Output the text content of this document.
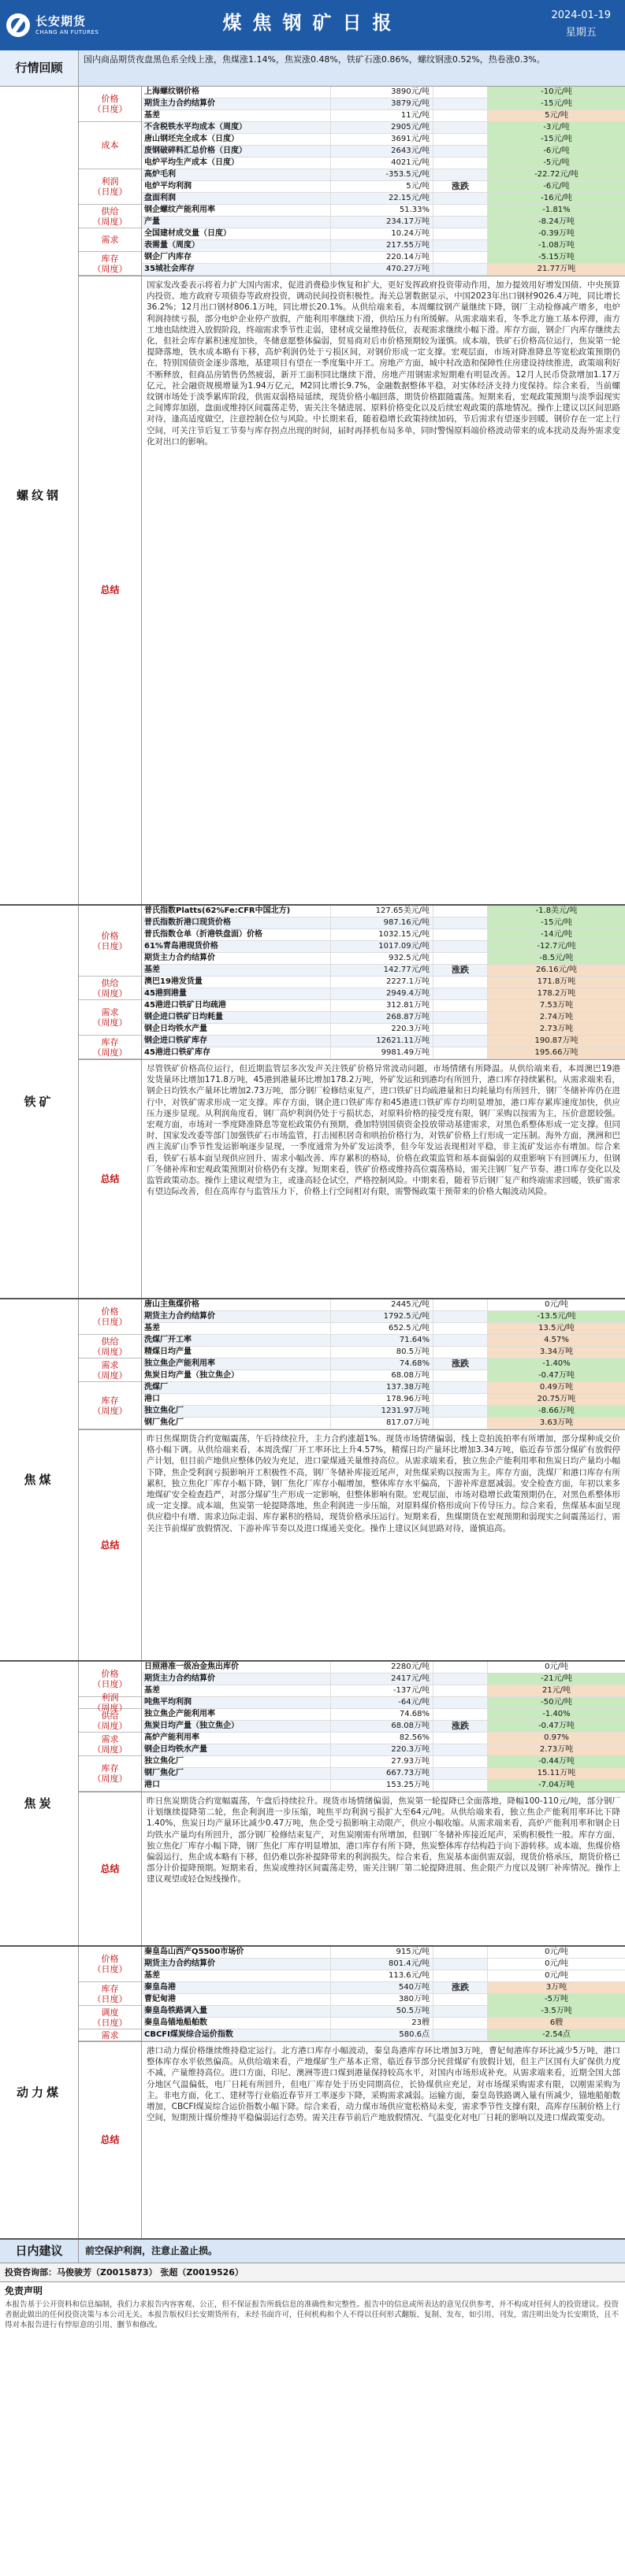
长安期货
CHANG AN FUTURES	煤焦钢矿日报	2024-01-19
星期五
行情回顾
国内商品期货夜盘黑色系全线上涨，焦煤涨1.14%，焦炭涨0.48%，铁矿石涨0.86%，螺纹钢涨0.52%，热卷涨0.3%。
螺纹钢
价格
（日度）
成本
利润
（日度）
供给
（周度）
需求
库存
（周度）
上海螺纹钢价格	3890元/吨	-10元/吨
期货主力合约结算价	3879元/吨	-15元/吨
基差	11元/吨	5元/吨
不含税铁水平均成本（周度）	2905元/吨	-3元/吨
唐山钢坯完全成本（日度）	3691元/吨	-15元/吨
废钢破碎料汇总价格（日度）	2643元/吨	-6元/吨
电炉平均生产成本（日度）	4021元/吨	-5元/吨
高炉毛利	-353.5元/吨	-22.72元/吨
电炉平均利润	5元/吨	涨跌	-6元/吨
盘面利润	22.15元/吨	-16元/吨
钢企螺纹产能利用率	51.33%	-1.81%
产量	234.17万吨	-8.24万吨
全国建材成交量（日度）	10.24万吨	-0.39万吨
表需量（周度）	217.55万吨	-1.08万吨
钢企厂内库存	220.14万吨	-5.15万吨
35城社会库存	470.27万吨	21.77万吨
总结
国家发改委表示将着力扩大国内需求，促进消费稳步恢复和扩大，更好发挥政府投资带动作用，加力提效用好增发国债、中央预算内投资、地方政府专项债券等政府投资，调动民间投资积极性。海关总署数据显示，中国2023年出口钢材9026.4万吨，同比增长36.2%；12月出口钢材806.1万吨，同比增长20.1%。从供给端来看，本周螺纹钢产量继续下降，钢厂主动检修减产增多，电炉利润持续亏损，部分电炉企业停产放假，产能利用率继续下滑，供给压力有所缓解。从需求端来看，冬季北方施工基本停滞，南方工地也陆续进入放假阶段，终端需求季节性走弱，建材成交量维持低位，表观需求继续小幅下滑。库存方面，钢企厂内库存继续去化，但社会库存累积速度加快，冬储意愿整体偏弱，贸易商对后市价格预期较为谨慎。成本端，铁矿石价格高位运行，焦炭第一轮提降落地，铁水成本略有下移，高炉利润仍处于亏损区间，对钢价形成一定支撑。宏观层面，市场对降准降息等宽松政策预期仍在，特别国债资金逐步落地，基建项目有望在一季度集中开工。房地产方面，城中村改造和保障性住房建设持续推进，政策端利好不断释放，但商品房销售仍然疲弱，新开工面积同比继续下滑，房地产用钢需求短期难有明显改善。12月人民币贷款增加1.17万亿元，社会融资规模增量为1.94万亿元，M2同比增长9.7%，金融数据整体平稳，对实体经济支持力度保持。综合来看，当前螺纹钢市场处于淡季累库阶段，供需双弱格局延续，现货价格小幅回落，期货价格跟随震荡。短期来看，宏观政策预期与淡季弱现实之间博弈加剧，盘面或维持区间震荡走势，需关注冬储进展、原料价格变化以及后续宏观政策的落地情况。操作上建议以区间思路对待，逢高适度做空，注意控制仓位与风险。中长期来看，随着稳增长政策持续加码，节后需求有望逐步回暖，钢价存在一定上行空间，可关注节后复工节奏与库存拐点出现的时间，届时再择机布局多单，同时警惕原料端价格波动带来的成本扰动及海外需求变化对出口的影响。
铁矿
价格
（日度）
供给
（周度）
需求
（周度）
库存
（周度）
普氏指数Platts(62%Fe:CFR中国北方)	127.65美元/吨	-1.8美元/吨
普氏指数折港口现货价格	987.16元/吨	-15元/吨
普氏指数仓单（折港铁盘面）价格	1032.15元/吨	-14元/吨
61%青岛港现货价格	1017.09元/吨	-12.7元/吨
期货主力合约结算价	932.5元/吨	-8.5元/吨
基差	142.77元/吨	涨跌	26.16元/吨
澳巴19港发货量	2227.1万吨	171.8万吨
45港到港量	2949.4万吨	178.2万吨
45港进口铁矿日均疏港	312.81万吨	7.53万吨
钢企进口铁矿日均耗量	268.87万吨	2.74万吨
钢企日均铁水产量	220.3万吨	2.73万吨
钢企进口铁矿库存	12621.11万吨	190.87万吨
45港进口铁矿库存	9981.49万吨	195.66万吨
总结
尽管铁矿价格高位运行，但近期监管层多次发声关注铁矿价格异常波动问题，市场情绪有所降温。从供给端来看，本周澳巴19港发货量环比增加171.8万吨，45港到港量环比增加178.2万吨，外矿发运和到港均有所回升，港口库存持续累积。从需求端来看，钢企日均铁水产量环比增加2.73万吨，部分钢厂检修结束复产，进口铁矿日均疏港量和日均耗量均有所回升，钢厂冬储补库仍在进行中，对铁矿需求形成一定支撑。库存方面，钢企进口铁矿库存和45港进口铁矿库存均明显增加，港口库存累库速度加快，供应压力逐步显现。从利润角度看，钢厂高炉利润仍处于亏损状态，对原料价格的接受度有限，钢厂采购以按需为主，压价意愿较强。宏观方面，市场对一季度降准降息等宽松政策仍有预期，叠加特别国债资金投放带动基建需求，对黑色系整体形成一定支撑。但同时，国家发改委等部门加强铁矿石市场监管，打击囤积居奇和哄抬价格行为，对铁矿价格上行形成一定压制。海外方面，澳洲和巴西主流矿山季节性发运影响逐步显现，一季度通常为外矿发运淡季，但今年发运表现相对平稳，非主流矿发运亦有增加。综合来看，铁矿石基本面呈现供应回升、需求小幅改善、库存累积的格局，价格在政策监管和基本面偏弱的双重影响下有回调压力，但钢厂冬储补库和宏观政策预期对价格仍有支撑。短期来看，铁矿价格或维持高位震荡格局，需关注钢厂复产节奏、港口库存变化以及监管政策动态。操作上建议观望为主，或逢高轻仓试空，严格控制风险。中期来看，随着节后钢厂复产和终端需求回暖，铁矿需求有望边际改善，但在高库存与监管压力下，价格上行空间相对有限，需警惕政策干预带来的价格大幅波动风险。
焦煤
价格
（日度）
供给
（周度）
需求
（周度）
库存
（周度）
唐山主焦煤价格	2445元/吨	0元/吨
期货主力合约结算价	1792.5元/吨	-13.5元/吨
基差	652.5元/吨	13.5元/吨
洗煤厂开工率	71.64%	4.57%
精煤日均产量	80.5万吨	3.34万吨
独立焦企产能利用率	74.68%	涨跌	-1.40%
焦炭日均产量（独立焦企）	68.08万吨	-0.47万吨
洗煤厂	137.38万吨	0.49万吨
港口	178.96万吨	20.75万吨
独立焦化厂	1231.97万吨	-8.66万吨
钢厂焦化厂	817.07万吨	3.63万吨
总结
昨日焦煤期货合约宽幅震荡，午后持续拉升，主力合约涨超1%。现货市场情绪偏弱，线上竞拍流拍率有所增加，部分煤种成交价格小幅下调。从供给端来看，本周洗煤厂开工率环比上升4.57%，精煤日均产量环比增加3.34万吨，临近春节部分煤矿有放假停产计划，但目前产地供应整体仍较为充足，进口蒙煤通关量维持高位。从需求端来看，独立焦企产能利用率和焦炭日均产量均小幅下降，焦企受利润亏损影响开工积极性不高，钢厂冬储补库接近尾声，对焦煤采购以按需为主。库存方面，洗煤厂和港口库存有所累积，独立焦化厂库存小幅下降，钢厂焦化厂库存小幅增加，整体库存水平偏高，下游补库意愿减弱。安全检查方面，年初以来多地煤矿安全检查趋严，对部分煤矿生产形成一定影响，但整体影响有限。宏观层面，市场对稳增长政策预期仍在，对黑色系整体形成一定支撑。成本端，焦炭第一轮提降落地，焦企利润进一步压缩，对原料煤价格形成向下传导压力。综合来看，焦煤基本面呈现供应稳中有增、需求边际走弱、库存累积的格局，现货价格承压运行。短期来看，焦煤期货在宏观预期和弱现实之间震荡运行，需关注节前煤矿放假情况、下游补库节奏以及进口煤通关变化。操作上建议区间思路对待，谨慎追高。
焦炭
价格
（日度）
利润
（周度）
供给
（周度）
需求
（周度）
库存
（周度）
日照港准一级冶金焦出库价	2280元/吨	0元/吨
期货主力合约结算价	2417元/吨	-21元/吨
基差	-137元/吨	21元/吨
吨焦平均利润	-64元/吨	-50元/吨
独立焦企产能利用率	74.68%	-1.40%
焦炭日均产量（独立焦企）	68.08万吨	涨跌	-0.47万吨
高炉产能利用率	82.56%	0.97%
钢企日均铁水产量	220.3万吨	2.73万吨
独立焦化厂	27.93万吨	-0.44万吨
钢厂焦化厂	667.73万吨	15.11万吨
港口	153.25万吨	-7.04万吨
总结
昨日焦炭期货合约宽幅震荡，午盘后持续拉升。现货市场情绪偏弱，焦炭第一轮提降已全面落地，降幅100-110元/吨，部分钢厂计划继续提降第二轮，焦企利润进一步压缩，吨焦平均利润亏损扩大至64元/吨。从供给端来看，独立焦企产能利用率环比下降1.40%，焦炭日均产量环比减少0.47万吨，焦企受亏损影响主动限产，供应小幅收缩。从需求端来看，高炉产能利用率和钢企日均铁水产量均有所回升，部分钢厂检修结束复产，对焦炭刚需有所增加，但钢厂冬储补库接近尾声，采购积极性一般。库存方面，独立焦化厂库存小幅下降，钢厂焦化厂库存明显增加，港口库存有所下降，焦炭整体库存结构趋于向下游转移。成本端，焦煤价格偏弱运行，焦企成本略有下移，但仍难以弥补提降带来的利润损失。综合来看，焦炭基本面供需双弱，现货价格承压，期货价格已部分计价提降预期。短期来看，焦炭或维持区间震荡走势，需关注钢厂第二轮提降进展、焦企限产力度以及钢厂补库情况。操作上建议观望或轻仓短线操作。
动力煤
价格
（日度）
库存
（日度）
调度
（日度）
需求
秦皇岛山西产Q5500市场价	915元/吨	0元/吨
期货主力合约结算价	801.4元/吨	0元/吨
基差	113.6元/吨	0元/吨
秦皇岛港	540万吨	涨跌	3万吨
曹妃甸港	380万吨	-5万吨
秦皇岛铁路调入量	50.5万吨	-3.5万吨
秦皇岛锚地船舶数	23艘	6艘
CBCFI煤炭综合运价指数	580.6点	-2.54点
总结
港口动力煤价格继续维持稳定运行。北方港口库存小幅波动，秦皇岛港库存环比增加3万吨，曹妃甸港库存环比减少5万吨，港口整体库存水平依然偏高。从供给端来看，产地煤矿生产基本正常，临近春节部分民营煤矿有放假计划，但主产区国有大矿保供力度不减，产量维持高位。进口方面，印尼、澳洲等进口煤到港量保持较高水平，对国内市场形成补充。从需求端来看，近期全国大部分地区气温偏低，电厂日耗有所回升，但电厂库存处于历史同期高位，长协煤供应充足，对市场煤采购需求有限，以刚需采购为主。非电方面，化工、建材等行业临近春节开工率逐步下降，采购需求减弱。运输方面，秦皇岛铁路调入量有所减少，锚地船舶数增加，CBCFI煤炭综合运价指数小幅下降。综合来看，动力煤市场供应宽松格局未变，需求季节性支撑有限，高库存压制价格上行空间，短期预计煤价维持平稳偏弱运行态势。需关注春节前后产地放假情况、气温变化对电厂日耗的影响以及进口煤政策变动。
日内建议	前空保护利润，注意止盈止损。
投资咨询部：马俊骏芳（Z0015873） 张超（Z0019526）
免责声明
本报告基于公开资料和信息编制，我们力求报告内容客观、公正，但不保证报告所载信息的准确性和完整性。报告中的信息或所表达的意见仅供参考，并不构成对任何人的投资建议。投资者据此做出的任何投资决策与本公司无关。本报告版权归长安期货所有，未经书面许可，任何机构和个人不得以任何形式翻版、复制、发布，如引用、刊发，需注明出处为长安期货，且不得对本报告进行有悖原意的引用、删节和修改。
